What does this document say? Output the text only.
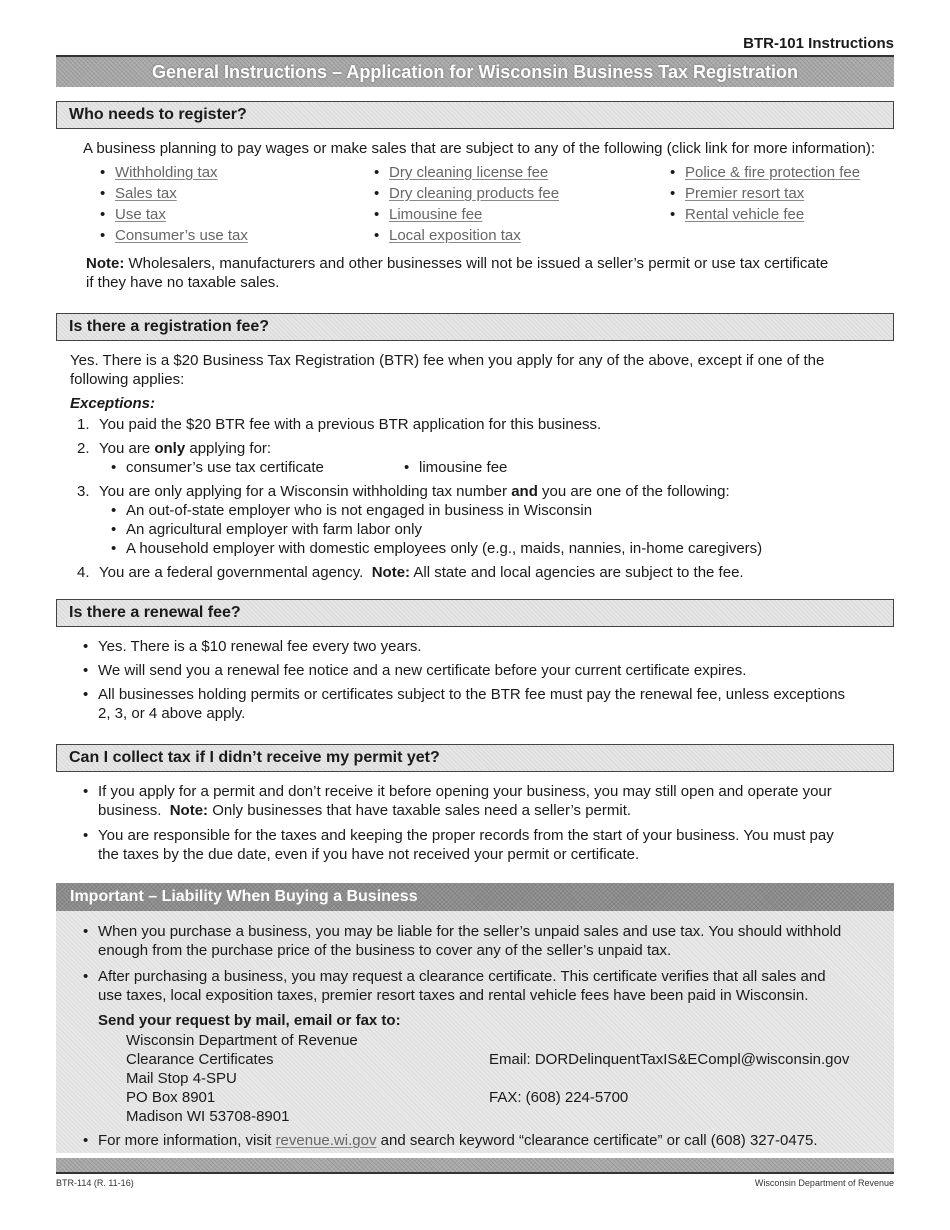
BTR-101 Instructions
General Instructions – Application for Wisconsin Business Tax Registration
Who needs to register?
A business planning to pay wages or make sales that are subject to any of the following (click link for more information):
• Withholding tax
• Sales tax
• Use tax
• Consumer’s use tax
• Dry cleaning license fee
• Dry cleaning products fee
• Limousine fee
• Local exposition tax
• Police & fire protection fee
• Premier resort tax
• Rental vehicle fee
Note: Wholesalers, manufacturers and other businesses will not be issued a seller’s permit or use tax certificate
if they have no taxable sales.
Is there a registration fee?
Yes. There is a $20 Business Tax Registration (BTR) fee when you apply for any of the above, except if one of the
following applies:
Exceptions:
1. You paid the $20 BTR fee with a previous BTR application for this business.
2. You are only applying for:
• consumer’s use tax certificate
•	limousine fee
3. You are only applying for a Wisconsin withholding tax number and you are one of the following:
• An out-of-state employer who is not engaged in business in Wisconsin
• An agricultural employer with farm labor only
• A household employer with domestic employees only (e.g., maids, nannies, in-home caregivers)
4. You are a federal governmental agency. Note: All state and local agencies are subject to the fee.
Is there a renewal fee?
• Yes. There is a $10 renewal fee every two years.
• We will send you a renewal fee notice and a new certificate before your current certificate expires.
• All businesses holding permits or certificates subject to the BTR fee must pay the renewal fee, unless exceptions
2, 3, or 4 above apply.
Can I collect tax if I didn’t receive my permit yet?
• If you apply for a permit and don’t receive it before opening your business, you may still open and operate your
business. Note: Only businesses that have taxable sales need a seller’s permit.
• You are responsible for the taxes and keeping the proper records from the start of your business. You must pay
the taxes by the due date, even if you have not received your permit or certificate.
Important – Liability When Buying a Business
• When you purchase a business, you may be liable for the seller’s unpaid sales and use tax. You should withhold
enough from the purchase price of the business to cover any of the seller’s unpaid tax.
• After purchasing a business, you may request a clearance certificate. This certificate verifies that all sales and
use taxes, local exposition taxes, premier resort taxes and rental vehicle fees have been paid in Wisconsin.
Send your request by mail, email or fax to:
Wisconsin Department of Revenue
Clearance Certificates
Mail Stop 4-SPU
PO Box 8901
Madison WI 53708-8901
Email: DORDelinquentTaxIS&ECompl@wisconsin.gov
FAX: (608) 224-5700
• For more information, visit revenue.wi.gov and search keyword “clearance certificate” or call (608) 327-0475.
BTR-114 (R. 11-16)	Wisconsin Department of Revenue
